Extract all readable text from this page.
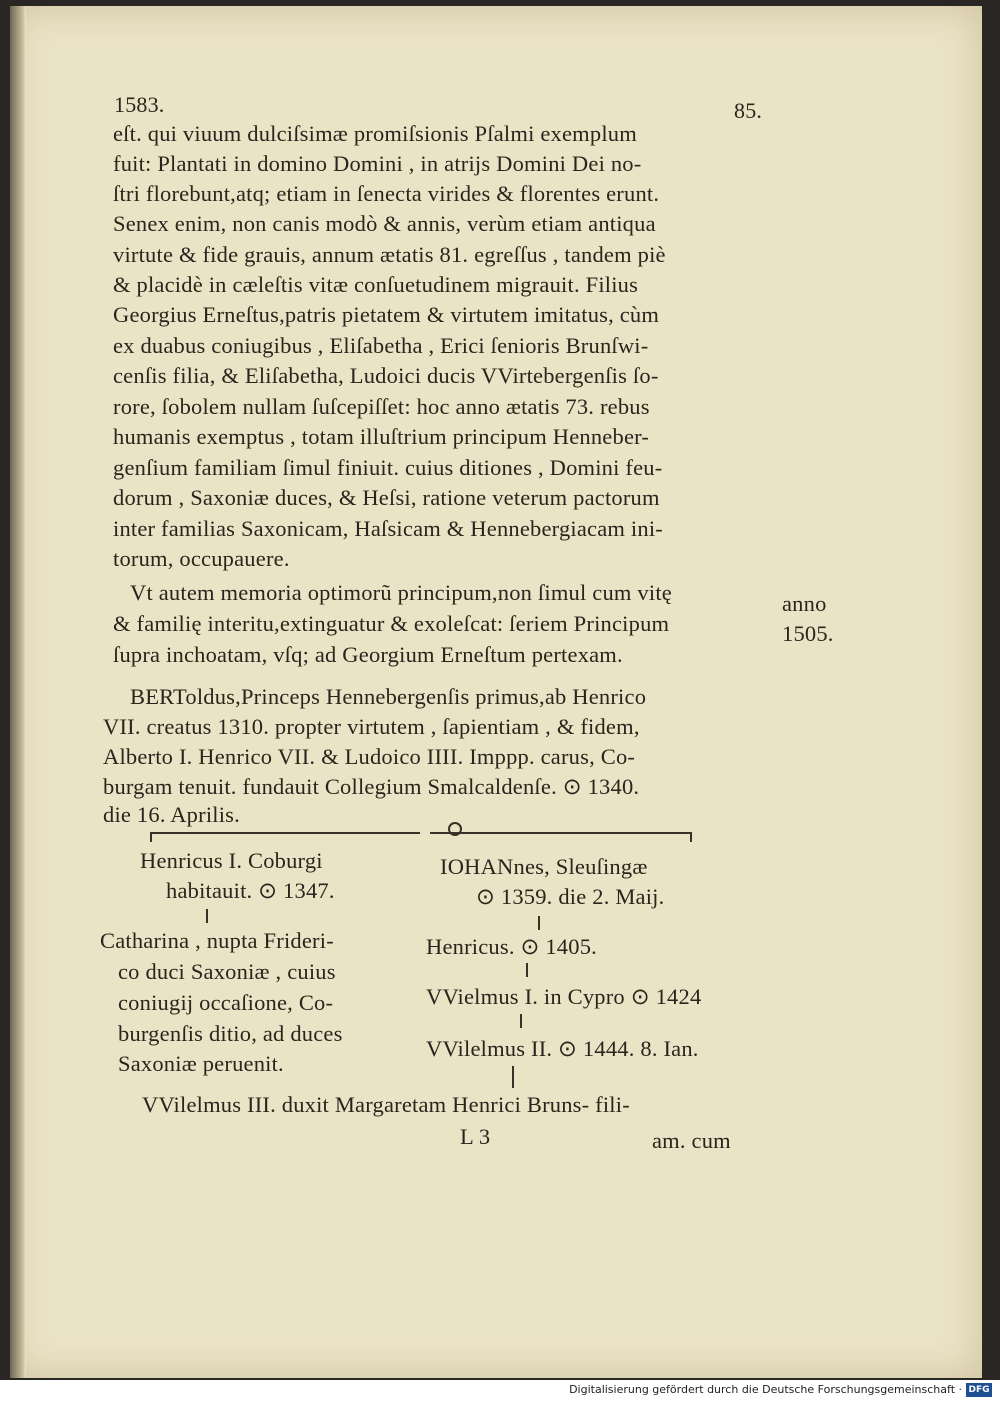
1583.	85.
eſt. qui viuum dulciſsimæ promiſsionis Pſalmi exemplum
fuit: Plantati in domino Domini , in atrijs Domini Dei no-
ſtri florebunt,atq; etiam in ſenecta virides & florentes erunt.
Senex enim, non canis modò & annis, verùm etiam antiqua
virtute & fide grauis, annum ætatis 81. egreſſus , tandem piè
& placidè in cæleſtis vitæ conſuetudinem migrauit. Filius
Georgius Erneſtus,patris pietatem & virtutem imitatus, cùm
ex duabus coniugibus , Eliſabetha , Erici ſenioris Brunſwi-
cenſis filia, & Eliſabetha, Ludoici ducis VVirtebergenſis ſo-
rore, ſobolem nullam ſuſcepiſſet: hoc anno ætatis 73. rebus
humanis exemptus , totam illuſtrium principum Henneber-
genſium familiam ſimul finiuit. cuius ditiones , Domini feu-
dorum , Saxoniæ duces, & Heſsi, ratione veterum pactorum
inter familias Saxonicam, Haſsicam & Hennebergiacam ini-
torum, occupauere.
Vt autem memoria optimorũ principum,non ſimul cum vitę
& familię interitu,extinguatur & exoleſcat: ſeriem Principum
ſupra inchoatam, vſq; ad Georgium Erneſtum pertexam.
anno
1505.
BERToldus,Princeps Hennebergenſis primus,ab Henrico
VII. creatus 1310. propter virtutem , ſapientiam , & fidem,
Alberto I. Henrico VII. & Ludoico IIII. Imppp. carus, Co-
burgam tenuit. fundauit Collegium Smalcaldenſe. ⊙ 1340.
die 16. Aprilis.
Henricus I. Coburgi
habitauit. ⊙ 1347.
IOHANnes, Sleuſingæ
⊙ 1359. die 2. Maij.
Catharina , nupta Frideri-
co duci Saxoniæ , cuius
coniugij occaſione, Co-
burgenſis ditio, ad duces
Saxoniæ peruenit.
Henricus. ⊙ 1405.
VVielmus I. in Cypro ⊙ 1424
VVilelmus II. ⊙ 1444. 8. Ian.
VVilelmus III. duxit Margaretam Henrici Bruns- fili-
L 3	am. cum
Digitalisierung gefördert durch die Deutsche Forschungsgemeinschaft · DFG
